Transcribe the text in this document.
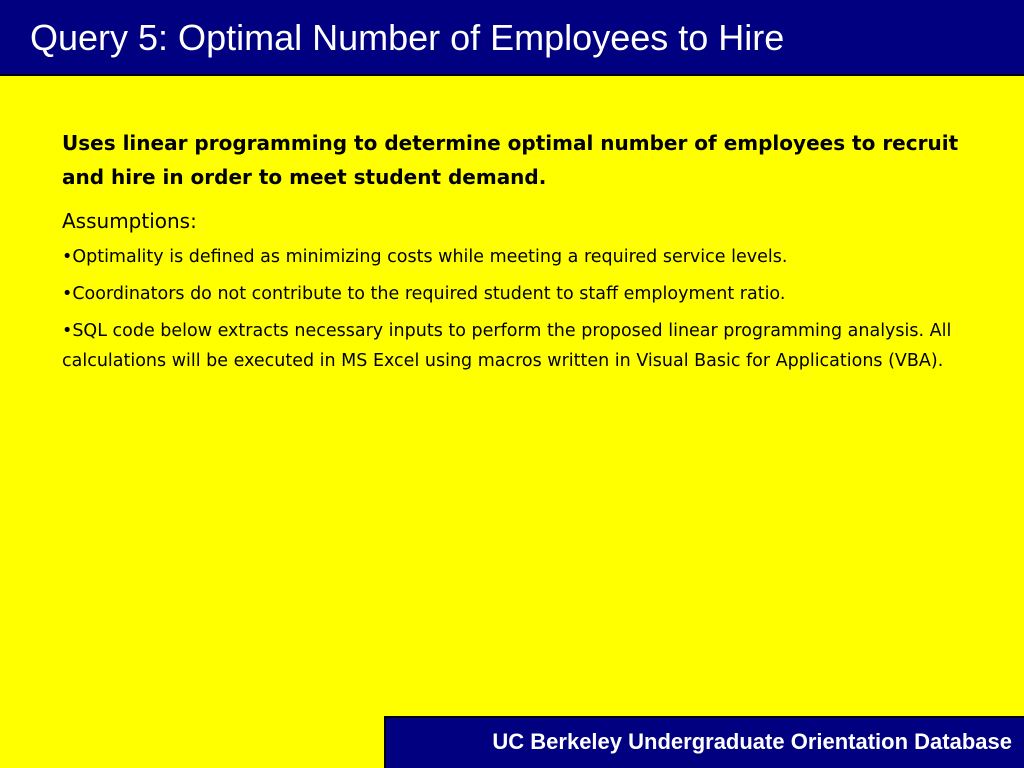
Query 5: Optimal Number of Employees to Hire

Uses linear programming to determine optimal number of employees to recruit and hire in order to meet student demand.

Assumptions:

•Optimality is defined as minimizing costs while meeting a required service levels.

•Coordinators do not contribute to the required student to staff employment ratio.

•SQL code below extracts necessary inputs to perform the proposed linear programming analysis. All calculations will be executed in MS Excel using macros written in Visual Basic for Applications (VBA).

UC Berkeley Undergraduate Orientation Database
